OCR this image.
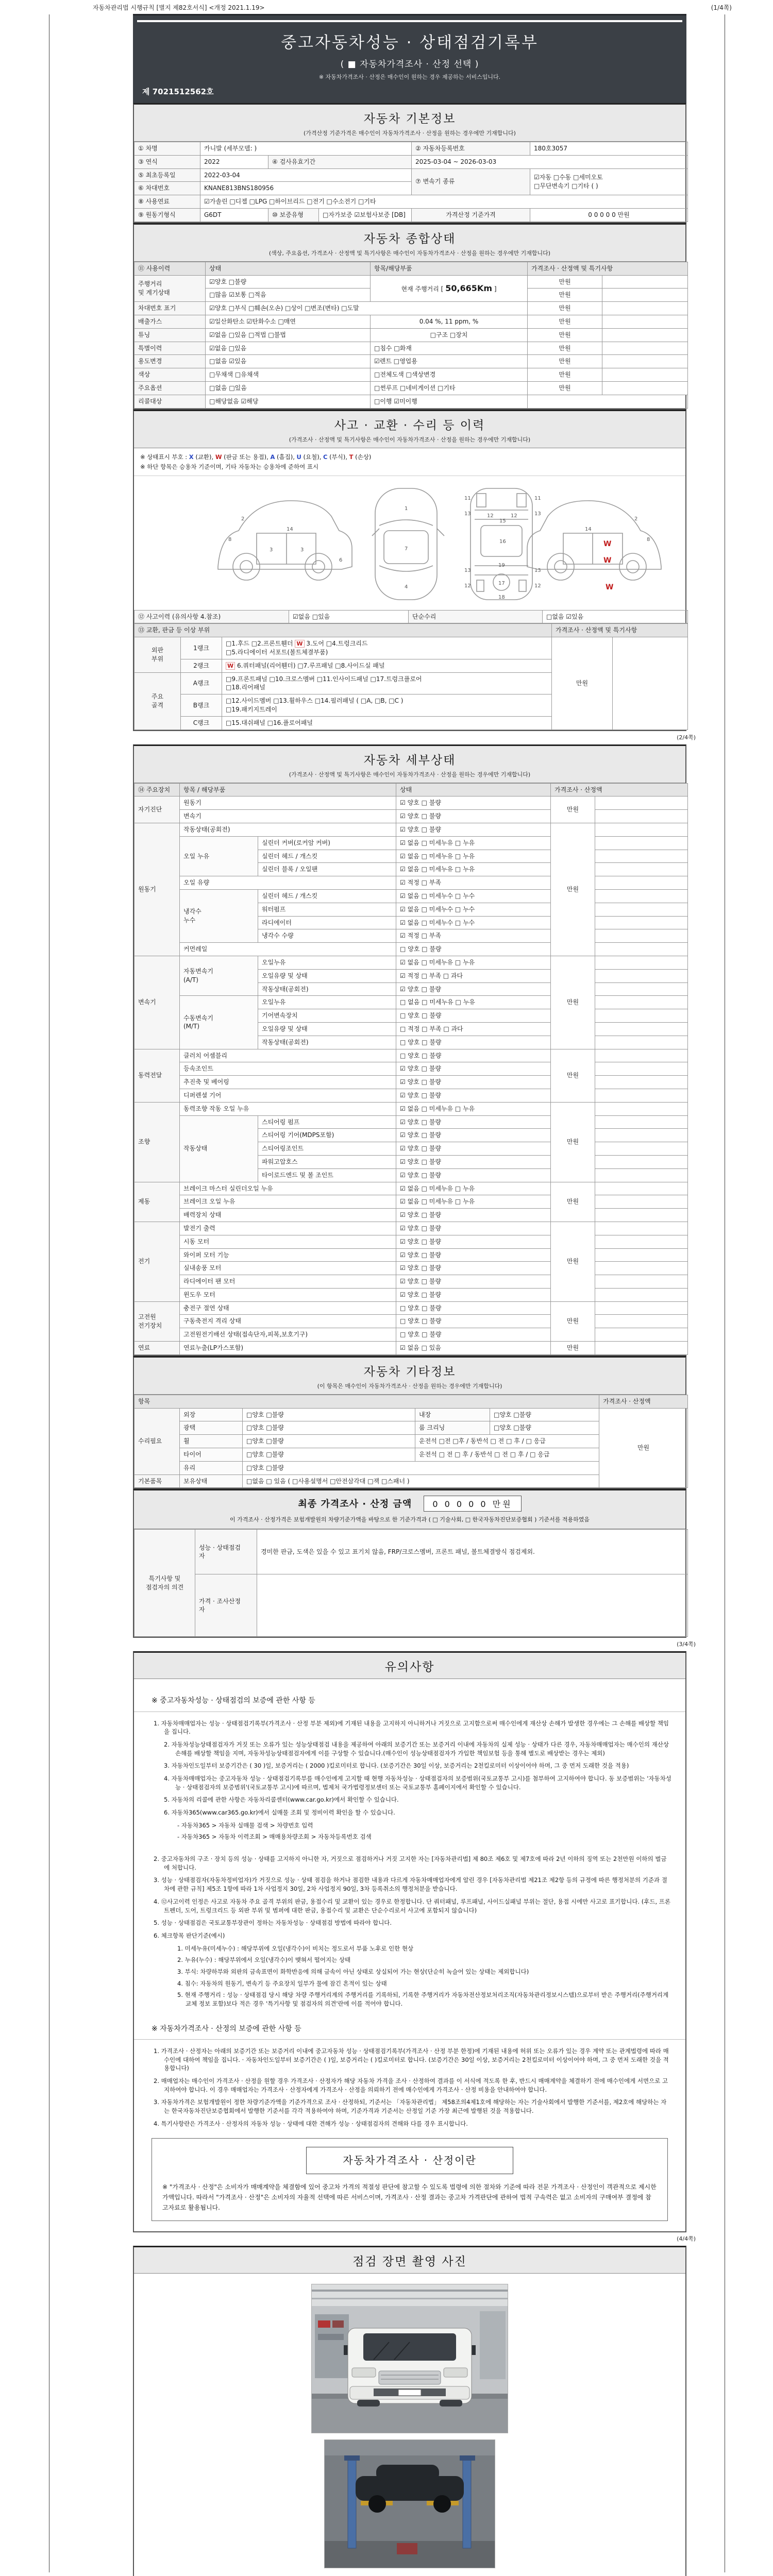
자동차관리법 시행규칙 [별지 제82호서식] <개정 2021.1.19>	(1/4쪽)
중고자동차성능 · 상태점검기록부
( ■ 자동차가격조사 · 산정 선택 )
※ 자동차가격조사 · 산정은 매수인이 원하는 경우 제공하는 서비스입니다.
제 7021512562호
자동차 기본정보
(가격산정 기준가격은 매수인이 자동차가격조사 · 산정을 원하는 경우에만 기재합니다)
① 차명	카니발 (세부모델: )			② 자동차등록번호	180호3057
③ 연식	2022	④ 검사유효기간		2025-03-04 ~ 2026-03-03	
⑤ 최초등록일	2022-03-04			⑦ 변속기 종류	☑자동 □수동 □세미오토
□무단변속기 □기타 ( )
⑥ 차대번호	KNANE813BNS180956				
⑧ 사용연료	☑가솔린 □디젤 □LPG □하이브리드 □전기 □수소전기 □기타				
⑨ 원동기형식	G6DT	⑩ 보증유형	□자가보증 ☑보험사보증 [DB]	가격산정 기준가격	0 0 0 0 0 만원
자동차 종합상태
(색상, 주요옵션, 가격조사 · 산정액 및 특기사항은 매수인이 자동차가격조사 · 산정을 원하는 경우에만 기재합니다)
⑪ 사용이력	상태	항목/해당부품	가격조사 · 산정액 및 특기사항	
주행거리
및 계기상태	☑양호 □불량	현재 주행거리 [ 50,665Km ]	만원	
	□많음 ☑보통 □적음		만원	
차대번호 표기	☑양호 □부식 □훼손(오손) □상이 □변조(변타) □도말		만원	
배출가스	☑일산화탄소 ☑탄화수소 □매연	0.04 %, 11 ppm, %	만원	
튜닝	☑없음 □있음 □적법 □불법	□구조 □장치	만원	
특별이력	☑없음 □있음	□침수 □화재	만원	
용도변경	□없음 ☑있음	☑렌트 □영업용	만원	
색상	□무채색 □유채색	□전체도색 □색상변경	만원	
주요옵션	□없음 □있음	□썬루프 □네비게이션 □기타	만원	
리콜대상	□해당없음 ☑해당	□이행 ☑미이행		
사고 · 교환 · 수리 등 이력
(가격조사 · 산정액 및 특기사항은 매수인이 자동차가격조사 · 산정을 원하는 경우에만 기재합니다)
※ 상태표시 부호 : X (교환), W (판금 또는 용접), A (흠집), U (요철), C (부식), T (손상)
※ 하단 항목은 승용차 기준이며, 기타 자동차는 승용차에 준하여 표시
2
8
3	3
14
6
1
7
4
11	11
13	13
12	12
15
16
13	13
12	12
19
17
18
2
8
14
W
W
W
⑫ 사고이력 (유의사항 4.참조)	☑없음 □있음	단순수리	□없음 ☑있음
⑬ 교환, 판금 등 이상 부위			가격조사 · 산정액 및 특기사항	
외판
부위	1랭크	□1.후드 □2.프론트휀더 W 3.도어 □4.트렁크리드
□5.라디에이터 서포트(볼트체결부품)	만원	
	2랭크	W 6.쿼터패널(리어휀더) □7.루프패널 □8.사이드실 패널		
주요
골격	A랭크	□9.프론트패널 □10.크로스멤버 □11.인사이드패널 □17.트렁크플로어
□18.리어패널		
	B랭크	□12.사이드멤버 □13.휠하우스 □14.필러패널 ( □A, □B, □C )
□19.패키지트레이		
	C랭크	□15.대쉬패널 □16.플로어패널		
(2/4쪽)
자동차 세부상태
(가격조사 · 산정액 및 특기사항은 매수인이 자동차가격조사 · 산정을 원하는 경우에만 기재합니다)
⑭ 주요장치	항목 / 해당부품		상태	가격조사 · 산정액	
자기진단	원동기		☑ 양호 □ 불량	만원	
	변속기		☑ 양호 □ 불량		
원동기	작동상태(공회전)		☑ 양호 □ 불량	만원	
	오일 누유	실린더 커버(로커암 커버)	☑ 없음 □ 미세누유 □ 누유		
		실린더 헤드 / 개스킷	☑ 없음 □ 미세누유 □ 누유		
		실린더 블록 / 오일팬	☑ 없음 □ 미세누유 □ 누유		
	오일 유량		☑ 적정 □ 부족		
	냉각수
누수	실린더 헤드 / 개스킷	☑ 없음 □ 미세누수 □ 누수		
		워터펌프	☑ 없음 □ 미세누수 □ 누수		
		라디에이터	☑ 없음 □ 미세누수 □ 누수		
		냉각수 수량	☑ 적정 □ 부족		
	커먼레일		□ 양호 □ 불량		
변속기	자동변속기
(A/T)	오일누유	☑ 없음 □ 미세누유 □ 누유	만원	
		오일유량 및 상태	☑ 적정 □ 부족 □ 과다		
		작동상태(공회전)	☑ 양호 □ 불량		
	수동변속기
(M/T)	오일누유	□ 없음 □ 미세누유 □ 누유		
		기어변속장치	□ 양호 □ 불량		
		오일유량 및 상태	□ 적정 □ 부족 □ 과다		
		작동상태(공회전)	□ 양호 □ 불량		
동력전달	클러치 어셈블리		□ 양호 □ 불량	만원	
	등속조인트		☑ 양호 □ 불량		
	추진축 및 베어링		☑ 양호 □ 불량		
	디퍼렌셜 기어		☑ 양호 □ 불량		
조향	동력조향 작동 오일 누유		☑ 없음 □ 미세누유 □ 누유	만원	
	작동상태	스티어링 펌프	☑ 양호 □ 불량		
		스티어링 기어(MDPS포함)	☑ 양호 □ 불량		
		스티어링조인트	☑ 양호 □ 불량		
		파워고압호스	☑ 양호 □ 불량		
		타이로드엔드 및 볼 조인트	☑ 양호 □ 불량		
제동	브레이크 마스터 실린더오일 누유		☑ 없음 □ 미세누유 □ 누유	만원	
	브레이크 오일 누유		☑ 없음 □ 미세누유 □ 누유		
	배력장치 상태		☑ 양호 □ 불량		
전기	발전기 출력		☑ 양호 □ 불량	만원	
	시동 모터		☑ 양호 □ 불량		
	와이퍼 모터 기능		☑ 양호 □ 불량		
	실내송풍 모터		☑ 양호 □ 불량		
	라디에이터 팬 모터		☑ 양호 □ 불량		
	윈도우 모터		☑ 양호 □ 불량		
고전원
전기장치	충전구 절연 상태		□ 양호 □ 불량	만원	
	구동축전지 격리 상태		□ 양호 □ 불량		
	고전원전기배선 상태(접속단자,피복,보호기구)		□ 양호 □ 불량		
연료	연료누출(LP가스포함)		☑ 없음 □ 있음	만원	
자동차 기타정보
(이 항목은 매수인이 자동차가격조사 · 산정을 원하는 경우에만 기재합니다)
항목					가격조사 · 산정액
수리필요	외장	□양호 □불량	내장	□양호 □불량	만원
	광택	□양호 □불량	룸 크리닝	□양호 □불량	
	휠	□양호 □불량	운전석 □전 □후 / 동반석 □ 전 □ 후 / □ 응급		
	타이어	□양호 □불량	운전석 □ 전 □ 후 / 동반석 □ 전 □ 후 / □ 응급		
	유리	□양호 □불량			
기본품목	보유상태	□없음 □ 있음 ( □사용설명서 □안전삼각대 □잭 □스패너 )			
최종 가격조사 · 산정 금액	0 0 0 0 0 만원
이 가격조사 · 산정가격은 보험개발원의 차량기준가액을 바탕으로 한 기준가격과 ( □ 기술사회, □ 한국자동차진단보증협회 ) 기준서를 적용하였음
특기사항 및
점검자의 의견	성능 · 상태점검
자	경미한 판금, 도색은 있을 수 있고 표기치 않음, FRP/크로스멤버, 프론트 패널, 볼트체결방식 점검제외.
	가격 · 조사산정
자	
(3/4쪽)
유의사항
※ 중고자동차성능 · 상태점검의 보증에 관한 사항 등
1. 자동차매매업자는 성능 · 상태점검기록부(가격조사 · 산정 부분 제외)에 기재된 내용을 고지하지 아니하거나 거짓으로 고지함으로써 매수인에게 재산상 손해가 발생한 경우에는 그 손해를 배상할 책임을 집니다.
2. 자동차성능상태점검자가 거짓 또는 오류가 있는 성능상태점검 내용을 제공하여 아래의 보증기간 또는 보증거리 이내에 자동차의 실제 성능 · 상태가 다른 경우, 자동차매매업자는 매수인의 재산상 손해를 배상할 책임을 지며, 자동차성능상태점검자에게 이를 구상할 수 있습니다.(매수인이 성능상태점검자가 가입한 책임보험 등을 통해 별도로 배상받는 경우는 제외)
3. 자동차인도일부터 보증기간은 ( 30 )일, 보증거리는 ( 2000 )킬로미터로 합니다. (보증기간은 30일 이상, 보증거리는 2천킬로미터 이상이어야 하며, 그 중 먼저 도래한 것을 적용)
4. 자동차매매업자는 중고자동차 성능 · 상태점검기록부를 매수인에게 고지할 때 현행 자동차성능 · 상태점검자의 보증범위(국토교통부 고시)를 첨부하여 고지하여야 합니다. 동 보증범위는 '자동차성능 · 상태점검자의 보증범위'(국토교통부 고시)에 따르며, 법제처 국가법령정보센터 또는 국토교통부 홈페이지에서 확인할 수 있습니다.
5. 자동차의 리콜에 관한 사항은 자동차리콜센터(www.car.go.kr)에서 확인할 수 있습니다.
6. 자동차365(www.car365.go.kr)에서 실매물 조회 및 정비이력 확인을 할 수 있습니다.
- 자동차365 > 자동차 실매물 검색 > 차량번호 입력
- 자동차365 > 자동차 이력조회 > 매매용차량조회 > 자동차등록번호 검색
2. 중고자동차의 구조 · 장치 등의 성능 · 상태를 고지하지 아니한 자, 거짓으로 점검하거나 거짓 고지한 자는 [자동차관리법] 제 80조 제6호 및 제7호에 따라 2년 이하의 징역 또는 2천만원 이하의 벌금에 처합니다.
3. 성능 · 상태점검자(자동차정비업자)가 거짓으로 성능 · 상태 점검을 하거나 점검한 내용과 다르게 자동차매매업자에게 알린 경우 [자동차관리법 제21조 제2항 등의 규정에 따른 행정처분의 기준과 절차에 관한 규칙] 제5조 1항에 따라 1차 사업정지 30일, 2차 사업정지 90일, 3차 등록취소의 행정처분을 받습니다.
4. ⑫사고이력 인정은 사고로 자동차 주요 골격 부위의 판금, 용접수리 및 교환이 있는 경우로 한정합니다. 단 쿼터패널, 루프패널, 사이드실패널 부위는 절단, 용접 시에만 사고로 표기합니다. (후드, 프론트펜더, 도어, 트렁크리드 등 외판 부위 및 범퍼에 대한 판금, 용접수리 및 교환은 단순수리로서 사고에 포함되지 않습니다)
5. 성능 · 상태점검은 국토교통부장관이 정하는 자동차성능 · 상태점검 방법에 따라야 합니다.
6. 체크항목 판단기준(예시)
1. 미세누유(미세누수) : 해당부위에 오일(냉각수)이 비치는 정도로서 부품 노후로 인한 현상
2. 누유(누수) : 해당부위에서 오일(냉각수)이 맺혀서 떨어지는 상태
3. 부식: 차량하부와 외판의 금속표면이 화학반응에 의해 금속이 아닌 상태로 상실되어 가는 현상(단순히 녹슬어 있는 상태는 제외합니다)
4. 침수: 자동차의 원동기, 변속기 등 주요장치 일부가 물에 잠긴 흔적이 있는 상태
5. 현재 주행거리 : 성능 · 상태점검 당시 해당 차량 주행거리계의 주행거리를 기록하되, 기록한 주행거리가 자동차전산정보처리조직(자동차관리정보시스템)으로부터 받은 주행거리(주행거리계 교체 정보 포함)보다 적은 경우 '특기사항 및 점검자의 의견'란에 이를 적어야 합니다.
※ 자동차가격조사 · 산정의 보증에 관한 사항 등
1. 가격조사 · 산정자는 아래의 보증기간 또는 보증거리 이내에 중고자동차 성능 · 상태점검기록부(가격조사 · 산정 부분 한정)에 기재된 내용에 허위 또는 오류가 있는 경우 계약 또는 관계법령에 따라 매수인에 대하여 책임을 집니다. · 자동차인도일부터 보증기간은 ( )일, 보증거리는 ( )킬로미터로 합니다. (보증기간은 30일 이상, 보증거리는 2천킬로미터 이상이어야 하며, 그 중 먼저 도래한 것을 적용합니다)
2. 매매업자는 매수인이 가격조사 · 산정을 원할 경우 가격조사 · 산정자가 해당 자동차 가격을 조사 · 산정하여 결과를 이 서식에 적도록 한 후, 반드시 매매계약을 체결하기 전에 매수인에게 서면으로 고지하여야 합니다. 이 경우 매매업자는 가격조사 · 산정자에게 가격조사 · 산정을 의뢰하기 전에 매수인에게 가격조사 · 산정 비용을 안내하여야 합니다.
3. 자동차가격은 보험개발원이 정한 차량기준가액을 기준가격으로 조사 · 산정하되, 기준서는 「자동차관리법」 제58조의4제1호에 해당하는 자는 기술사회에서 발행한 기준서를, 제2호에 해당하는 자는 한국자동차진단보증협회에서 발행한 기준서를 각각 적용하여야 하며, 기준가격과 기준서는 산정일 기준 가장 최근에 발행된 것을 적용합니다.
4. 특기사항란은 가격조사 · 산정자의 자동차 성능 · 상태에 대한 견해가 성능 · 상태점검자의 견해와 다를 경우 표시합니다.
자동차가격조사 · 산정이란
※ "가격조사 · 산정"은 소비자가 매매계약을 체결함에 있어 중고차 가격의 적절성 판단에 참고할 수 있도록 법령에 의한 절차와 기준에 따라 전문 가격조사 · 산정인이 객관적으로 제시한 가액입니다. 따라서 "가격조사 · 산정"은 소비자의 자율적 선택에 따른 서비스이며, 가격조사 · 산정 결과는 중고차 가격판단에 관하여 법적 구속력은 없고 소비자의 구매여부 결정에 참고자료로 활용됩니다.
(4/4쪽)
점검 장면 촬영 사진
